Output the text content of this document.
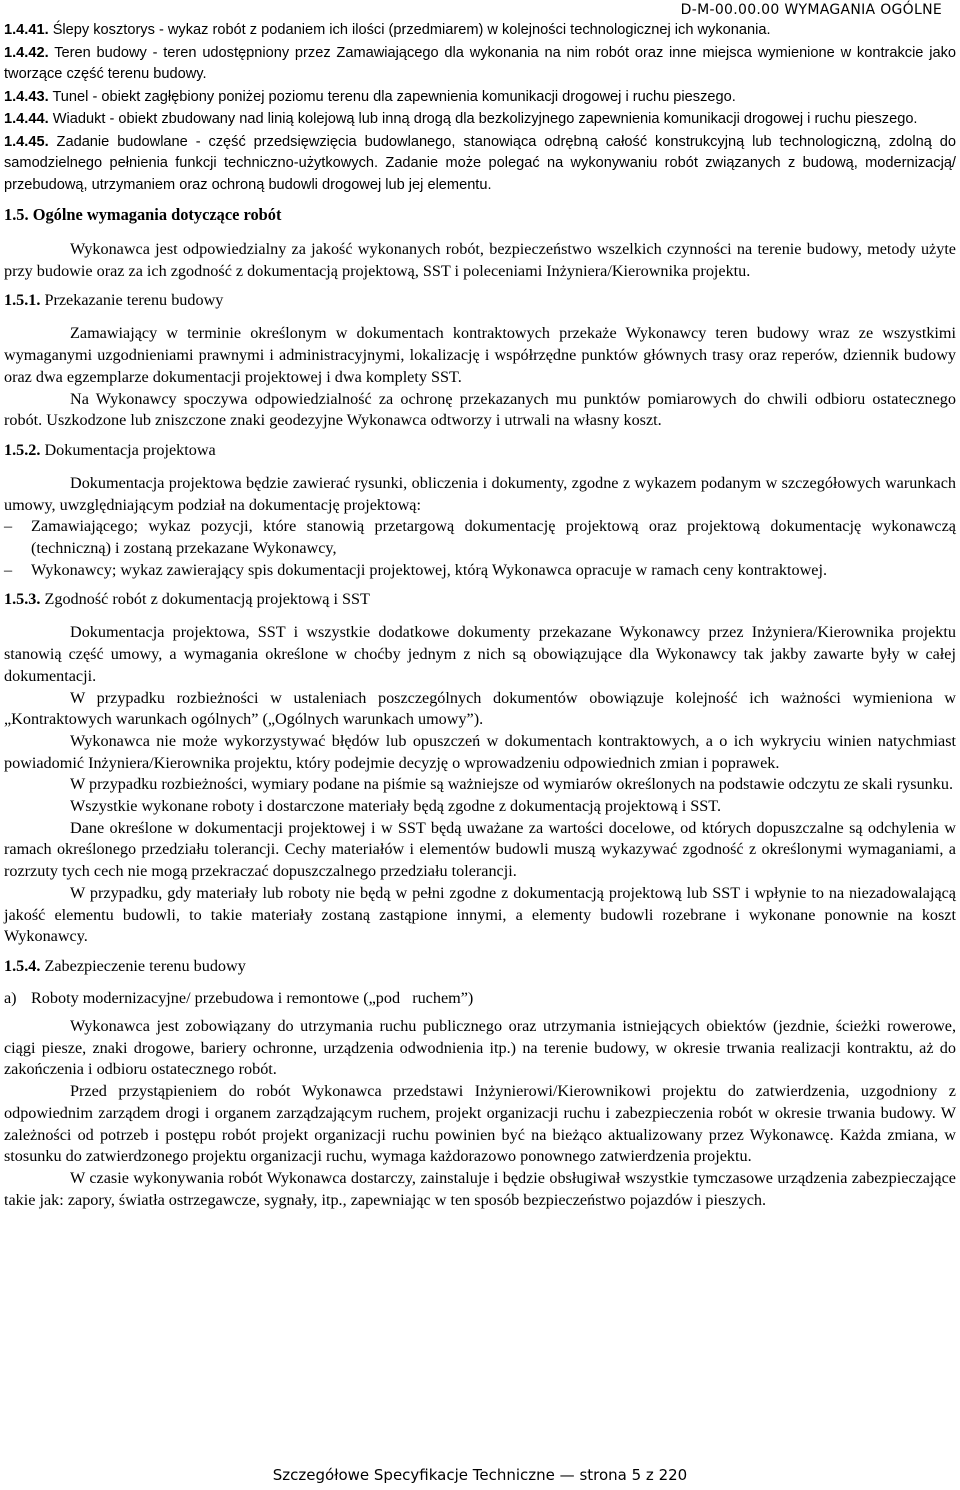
D-M-00.00.00 WYMAGANIA OGÓLNE

1.4.41. Ślepy kosztorys - wykaz robót z podaniem ich ilości (przedmiarem) w kolejności technologicznej ich wykonania.

1.4.42. Teren budowy - teren udostępniony przez Zamawiającego dla wykonania na nim robót oraz inne miejsca wymienione w kontrakcie jako tworzące część terenu budowy.

1.4.43. Tunel - obiekt zagłębiony poniżej poziomu terenu dla zapewnienia komunikacji drogowej i ruchu pieszego.

1.4.44. Wiadukt - obiekt zbudowany nad linią kolejową lub inną drogą dla bezkolizyjnego zapewnienia komunikacji drogowej i ruchu pieszego.

1.4.45. Zadanie budowlane - część przedsięwzięcia budowlanego, stanowiąca odrębną całość konstrukcyjną lub technologiczną, zdolną do samodzielnego pełnienia funkcji techniczno-użytkowych. Zadanie może polegać na wykonywaniu robót związanych z budową, modernizacją/ przebudową, utrzymaniem oraz ochroną budowli drogowej lub jej elementu.

1.5. Ogólne wymagania dotyczące robót

Wykonawca jest odpowiedzialny za jakość wykonanych robót, bezpieczeństwo wszelkich czynności na terenie budowy, metody użyte przy budowie oraz za ich zgodność z dokumentacją projektową, SST i poleceniami Inżyniera/Kierownika projektu.

1.5.1. Przekazanie terenu budowy

Zamawiający w terminie określonym w dokumentach kontraktowych przekaże Wykonawcy teren budowy wraz ze wszystkimi wymaganymi uzgodnieniami prawnymi i administracyjnymi, lokalizację i współrzędne punktów głównych trasy oraz reperów, dziennik budowy oraz dwa egzemplarze dokumentacji projektowej i dwa komplety SST.

Na Wykonawcy spoczywa odpowiedzialność za ochronę przekazanych mu punktów pomiarowych do chwili odbioru ostatecznego robót. Uszkodzone lub zniszczone znaki geodezyjne Wykonawca odtworzy i utrwali na własny koszt.

1.5.2. Dokumentacja projektowa

Dokumentacja projektowa będzie zawierać rysunki, obliczenia i dokumenty, zgodne z wykazem podanym w szczegółowych warunkach umowy, uwzględniającym podział na dokumentację projektową:

–	Zamawiającego; wykaz pozycji, które stanowią przetargową dokumentację projektową oraz projektową dokumentację wykonawczą (techniczną) i zostaną przekazane Wykonawcy,
–	Wykonawcy; wykaz zawierający spis dokumentacji projektowej, którą Wykonawca opracuje w ramach ceny kontraktowej.
1.5.3. Zgodność robót z dokumentacją projektową i SST

Dokumentacja projektowa, SST i wszystkie dodatkowe dokumenty przekazane Wykonawcy przez Inżyniera/Kierownika projektu stanowią część umowy, a wymagania określone w choćby jednym z nich są obowiązujące dla Wykonawcy tak jakby zawarte były w całej dokumentacji.

W przypadku rozbieżności w ustaleniach poszczególnych dokumentów obowiązuje kolejność ich ważności wymieniona w „Kontraktowych warunkach ogólnych” („Ogólnych warunkach umowy”).

Wykonawca nie może wykorzystywać błędów lub opuszczeń w dokumentach kontraktowych, a o ich wykryciu winien natychmiast powiadomić Inżyniera/Kierownika projektu, który podejmie decyzję o wprowadzeniu odpowiednich zmian i poprawek.

W przypadku rozbieżności, wymiary podane na piśmie są ważniejsze od wymiarów określonych na podstawie odczytu ze skali rysunku.

Wszystkie wykonane roboty i dostarczone materiały będą zgodne z dokumentacją projektową i SST.

Dane określone w dokumentacji projektowej i w SST będą uważane za wartości docelowe, od których dopuszczalne są odchylenia w ramach określonego przedziału tolerancji. Cechy materiałów i elementów budowli muszą wykazywać zgodność z określonymi wymaganiami, a rozrzuty tych cech nie mogą przekraczać dopuszczalnego przedziału tolerancji.

W przypadku, gdy materiały lub roboty nie będą w pełni zgodne z dokumentacją projektową lub SST i wpłynie to na niezadowalającą jakość elementu budowli, to takie materiały zostaną zastąpione innymi, a elementy budowli rozebrane i wykonane ponownie na koszt Wykonawcy.

1.5.4. Zabezpieczenie terenu budowy
a) Roboty modernizacyjne/ przebudowa i remontowe („pod   ruchem”)

Wykonawca jest zobowiązany do utrzymania ruchu publicznego oraz utrzymania istniejących obiektów (jezdnie, ścieżki rowerowe, ciągi piesze, znaki drogowe, bariery ochronne, urządzenia odwodnienia itp.) na terenie budowy, w okresie trwania realizacji kontraktu, aż do zakończenia i odbioru ostatecznego robót.

Przed przystąpieniem do robót Wykonawca przedstawi Inżynierowi/Kierownikowi projektu do zatwierdzenia, uzgodniony z odpowiednim zarządem drogi i organem zarządzającym ruchem, projekt organizacji ruchu i zabezpieczenia robót w okresie trwania budowy. W zależności od potrzeb i postępu robót projekt organizacji ruchu powinien być na bieżąco aktualizowany przez Wykonawcę. Każda zmiana, w stosunku do zatwierdzonego projektu organizacji ruchu, wymaga każdorazowo ponownego zatwierdzenia projektu.

W czasie wykonywania robót Wykonawca dostarczy, zainstaluje i będzie obsługiwał wszystkie tymczasowe urządzenia zabezpieczające takie jak: zapory, światła ostrzegawcze, sygnały, itp., zapewniając w ten sposób bezpieczeństwo pojazdów i pieszych.

Szczegółowe Specyfikacje Techniczne — strona 5 z 220
